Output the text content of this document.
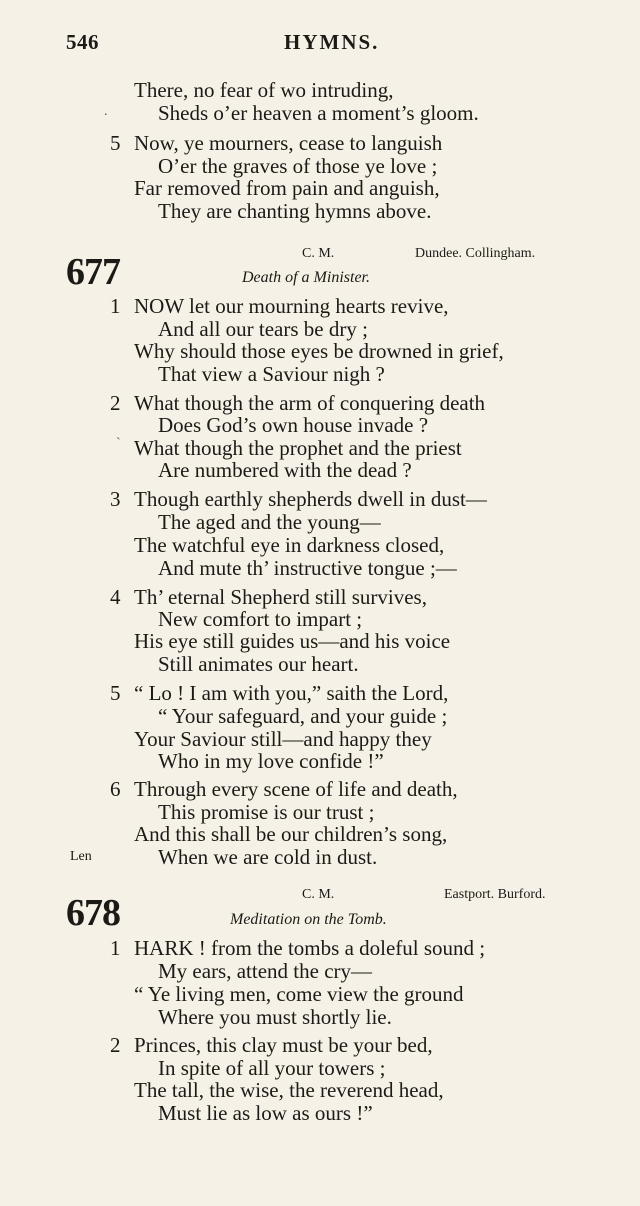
546	HYMNS.
There, no fear of wo intruding,
. Sheds o’er heaven a moment’s gloom.
5 Now, ye mourners, cease to languish
O’er the graves of those ye love ;
Far removed from pain and anguish,
They are chanting hymns above.
C. M.	Dundee. Collingham.
677	Death of a Minister.
1 NOW let our mourning hearts revive,
And all our tears be dry ;
Why should those eyes be drowned in grief,
That view a Saviour nigh ?
2 What though the arm of conquering death
Does God’s own house invade ?
` What though the prophet and the priest
Are numbered with the dead ?
3 Though earthly shepherds dwell in dust—
The aged and the young—
The watchful eye in darkness closed,
And mute th’ instructive tongue ;—
4 Th’ eternal Shepherd still survives,
New comfort to impart ;
His eye still guides us—and his voice
Still animates our heart.
5 “ Lo ! I am with you,” saith the Lord,
“ Your safeguard, and your guide ;
Your Saviour still—and happy they
Who in my love confide !”
6 Through every scene of life and death,
This promise is our trust ;
And this shall be our children’s song,
Len	When we are cold in dust.
C. M.	Eastport. Burford.
678	Meditation on the Tomb.
1 HARK ! from the tombs a doleful sound ;
My ears, attend the cry—
“ Ye living men, come view the ground
Where you must shortly lie.
2 Princes, this clay must be your bed,
In spite of all your towers ;
The tall, the wise, the reverend head,
Must lie as low as ours !”
